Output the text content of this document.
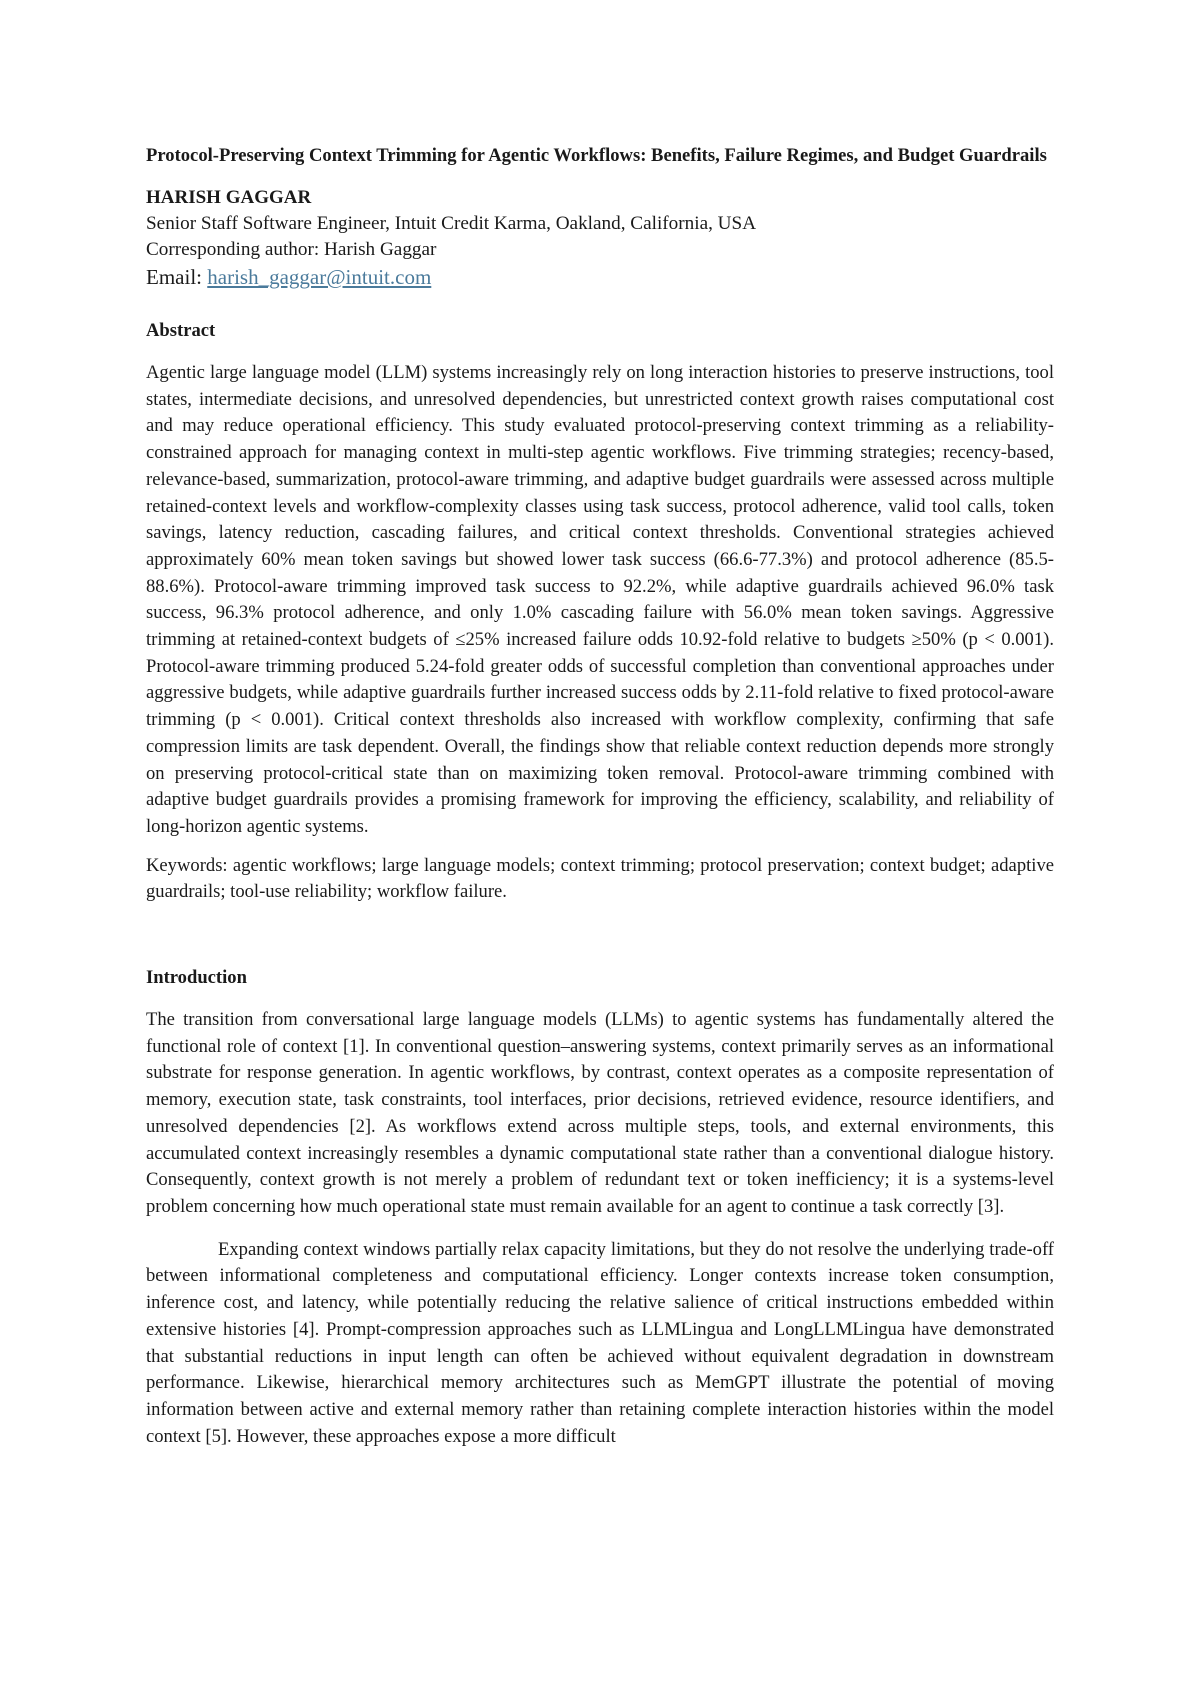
Protocol-Preserving Context Trimming for Agentic Workflows: Benefits, Failure Regimes, and Budget Guardrails

HARISH GAGGAR

Senior Staff Software Engineer, Intuit Credit Karma, Oakland, California, USA

Corresponding author: Harish Gaggar

Email: harish_gaggar@intuit.com

Abstract

Agentic large language model (LLM) systems increasingly rely on long interaction histories to preserve instructions, tool states, intermediate decisions, and unresolved dependencies, but unrestricted context growth raises computational cost and may reduce operational efficiency. This study evaluated protocol-preserving context trimming as a reliability-constrained approach for managing context in multi-step agentic workflows. Five trimming strategies; recency-based, relevance-based, summarization, protocol-aware trimming, and adaptive budget guardrails were assessed across multiple retained-context levels and workflow-complexity classes using task success, protocol adherence, valid tool calls, token savings, latency reduction, cascading failures, and critical context thresholds. Conventional strategies achieved approximately 60% mean token savings but showed lower task success (66.6-77.3%) and protocol adherence (85.5-88.6%). Protocol-aware trimming improved task success to 92.2%, while adaptive guardrails achieved 96.0% task success, 96.3% protocol adherence, and only 1.0% cascading failure with 56.0% mean token savings. Aggressive trimming at retained-context budgets of ≤25% increased failure odds 10.92-fold relative to budgets ≥50% (p < 0.001). Protocol-aware trimming produced 5.24-fold greater odds of successful completion than conventional approaches under aggressive budgets, while adaptive guardrails further increased success odds by 2.11-fold relative to fixed protocol-aware trimming (p < 0.001). Critical context thresholds also increased with workflow complexity, confirming that safe compression limits are task dependent. Overall, the findings show that reliable context reduction depends more strongly on preserving protocol-critical state than on maximizing token removal. Protocol-aware trimming combined with adaptive budget guardrails provides a promising framework for improving the efficiency, scalability, and reliability of long-horizon agentic systems.

Keywords: agentic workflows; large language models; context trimming; protocol preservation; context budget; adaptive guardrails; tool-use reliability; workflow failure.

Introduction

The transition from conversational large language models (LLMs) to agentic systems has fundamentally altered the functional role of context [1]. In conventional question–answering systems, context primarily serves as an informational substrate for response generation. In agentic workflows, by contrast, context operates as a composite representation of memory, execution state, task constraints, tool interfaces, prior decisions, retrieved evidence, resource identifiers, and unresolved dependencies [2]. As workflows extend across multiple steps, tools, and external environments, this accumulated context increasingly resembles a dynamic computational state rather than a conventional dialogue history. Consequently, context growth is not merely a problem of redundant text or token inefficiency; it is a systems-level problem concerning how much operational state must remain available for an agent to continue a task correctly [3].

Expanding context windows partially relax capacity limitations, but they do not resolve the underlying trade-off between informational completeness and computational efficiency. Longer contexts increase token consumption, inference cost, and latency, while potentially reducing the relative salience of critical instructions embedded within extensive histories [4]. Prompt-compression approaches such as LLMLingua and LongLLMLingua have demonstrated that substantial reductions in input length can often be achieved without equivalent degradation in downstream performance. Likewise, hierarchical memory architectures such as MemGPT illustrate the potential of moving information between active and external memory rather than retaining complete interaction histories within the model context [5]. However, these approaches expose a more difficult
